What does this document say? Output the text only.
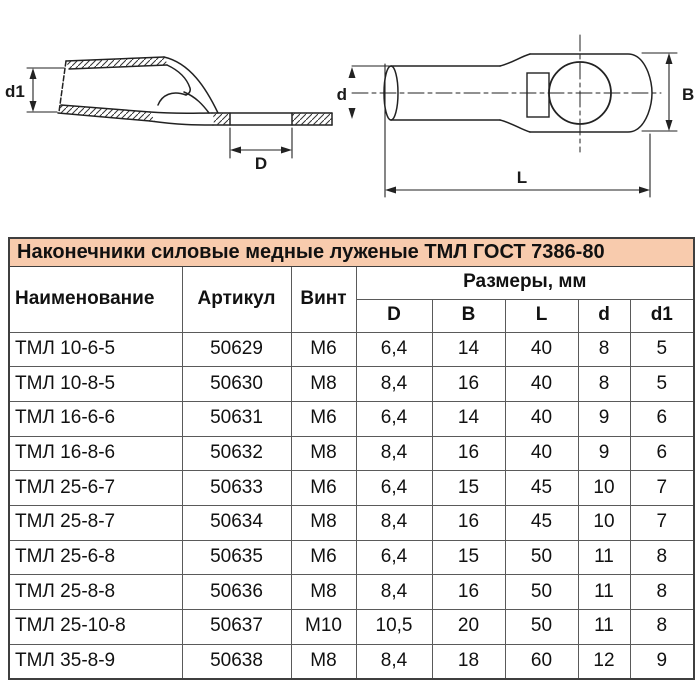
d1
D
d	B
L
Наконечники силовые медные луженые ТМЛ ГОСТ 7386-80							
Наименование	Артикул	Винт	Размеры, мм				
			D	B	L	d	d1
ТМЛ 10-6-5	50629	М6	6,4	14	40	8	5
ТМЛ 10-8-5	50630	М8	8,4	16	40	8	5
ТМЛ 16-6-6	50631	М6	6,4	14	40	9	6
ТМЛ 16-8-6	50632	М8	8,4	16	40	9	6
ТМЛ 25-6-7	50633	М6	6,4	15	45	10	7
ТМЛ 25-8-7	50634	М8	8,4	16	45	10	7
ТМЛ 25-6-8	50635	М6	6,4	15	50	11	8
ТМЛ 25-8-8	50636	М8	8,4	16	50	11	8
ТМЛ 25-10-8	50637	М10	10,5	20	50	11	8
ТМЛ 35-8-9	50638	М8	8,4	18	60	12	9
